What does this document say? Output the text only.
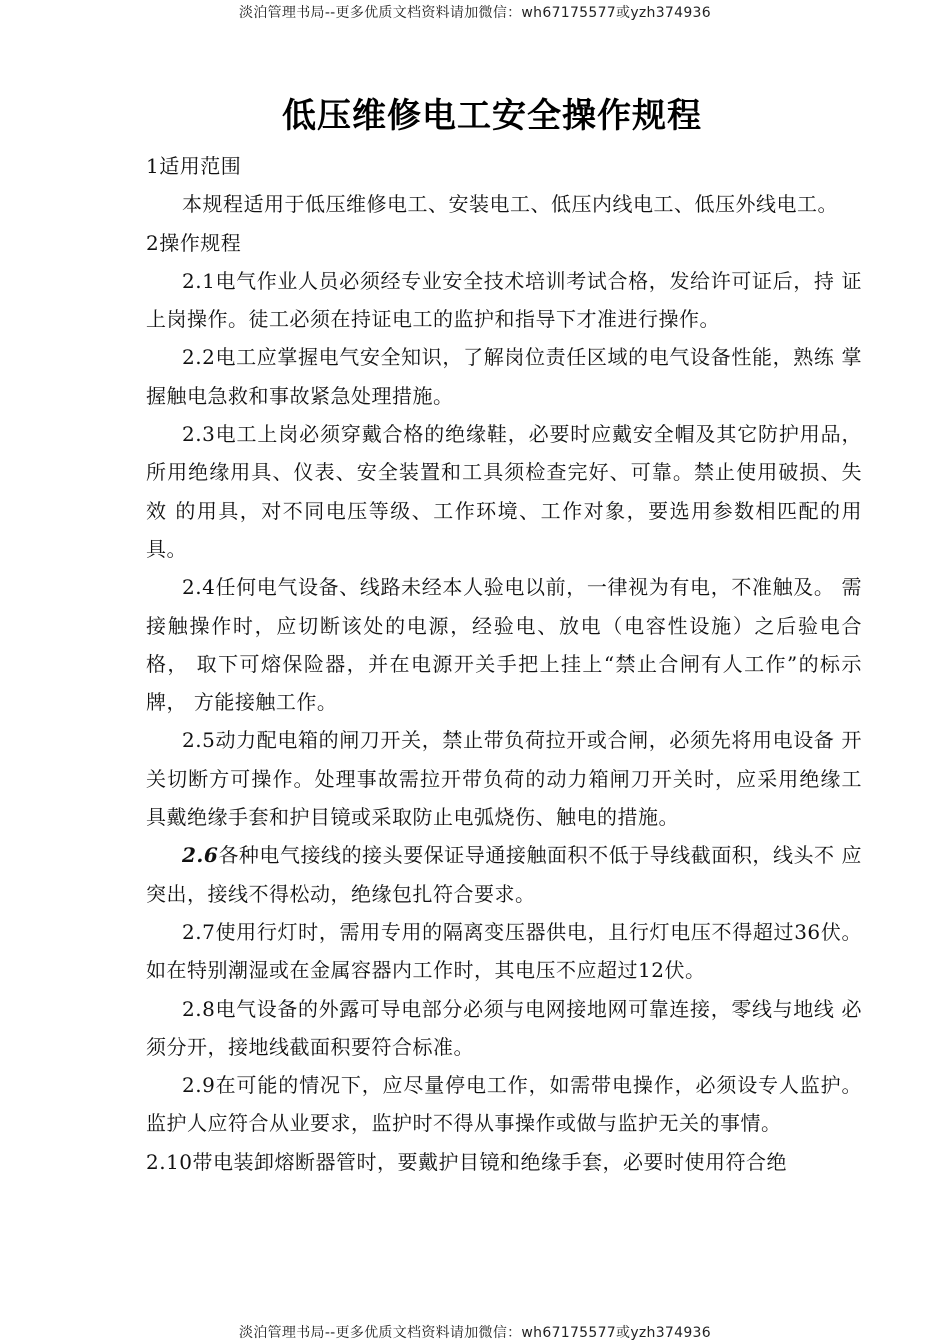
淡泊管理书局--更多优质文档资料请加微信：wh67175577或yzh374936
低压维修电工安全操作规程

1适用范围

本规程适用于低压维修电工、安装电工、低压内线电工、低压外线电工。

2操作规程

2.1电气作业人员必须经专业安全技术培训考试合格，发给许可证后，持 证上岗操作。徒工必须在持证电工的监护和指导下才准进行操作。

2.2电工应掌握电气安全知识，了解岗位责任区域的电气设备性能，熟练 掌握触电急救和事故紧急处理措施。

2.3电工上岗必须穿戴合格的绝缘鞋，必要时应戴安全帽及其它防护用品，所用绝缘用具、仪表、安全装置和工具须检查完好、可靠。禁止使用破损、失效 的用具，对不同电压等级、工作环境、工作对象，要选用参数相匹配的用具。

2.4任何电气设备、线路未经本人验电以前，一律视为有电，不准触及。 需接触操作时，应切断该处的电源，经验电、放电（电容性设施）之后验电合格， 取下可熔保险器，并在电源开关手把上挂上“禁止合闸有人工作”的标示牌， 方能接触工作。

2.5动力配电箱的闸刀开关，禁止带负荷拉开或合闸，必须先将用电设备 开关切断方可操作。处理事故需拉开带负荷的动力箱闸刀开关时，应采用绝缘工 具戴绝缘手套和护目镜或采取防止电弧烧伤、触电的措施。

2.6各种电气接线的接头要保证导通接触面积不低于导线截面积，线头不 应突出，接线不得松动，绝缘包扎符合要求。

2.7使用行灯时，需用专用的隔离变压器供电，且行灯电压不得超过36伏。 如在特别潮湿或在金属容器内工作时，其电压不应超过12伏。

2.8电气设备的外露可导电部分必须与电网接地网可靠连接，零线与地线 必须分开，接地线截面积要符合标准。

2.9在可能的情况下，应尽量停电工作，如需带电操作，必须设专人监护。 监护人应符合从业要求，监护时不得从事操作或做与监护无关的事情。

2.10带电装卸熔断器管时，要戴护目镜和绝缘手套，必要时使用符合绝

淡泊管理书局--更多优质文档资料请加微信：wh67175577或yzh374936
